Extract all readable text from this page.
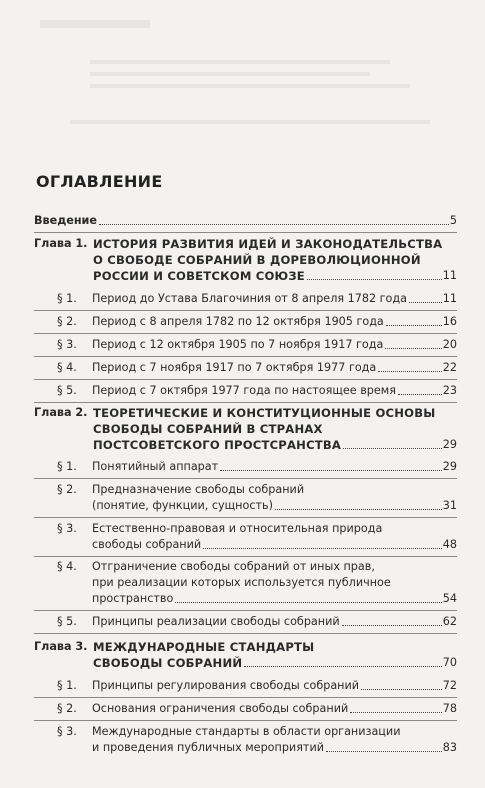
ОГЛАВЛЕНИЕ
Введение	5
Глава 1. ИСТОРИЯ РАЗВИТИЯ ИДЕЙ И ЗАКОНОДАТЕЛЬСТВА
О СВОБОДЕ СОБРАНИЙ В ДОРЕВОЛЮЦИОННОЙ
РОССИИ И СОВЕТСКОМ СОЮЗЕ	11
§ 1. Период до Устава Благочиния от 8 апреля 1782 года	11
§ 2. Период с 8 апреля 1782 по 12 октября 1905 года	16
§ 3. Период с 12 октября 1905 по 7 ноября 1917 года	20
§ 4. Период с 7 ноября 1917 по 7 октября 1977 года	22
§ 5. Период с 7 октября 1977 года по настоящее время	23
Глава 2. ТЕОРЕТИЧЕСКИЕ И КОНСТИТУЦИОННЫЕ ОСНОВЫ
СВОБОДЫ СОБРАНИЙ В СТРАНАХ
ПОСТСОВЕТСКОГО ПРОСТСРАНСТВА	29
§ 1. Понятийный аппарат	29
§ 2. Предназначение свободы собраний
(понятие, функции, сущность)	31
§ 3. Естественно-правовая и относительная природа
свободы собраний	48
§ 4. Отграничение свободы собраний от иных прав,
при реализации которых используется публичное
пространство	54
§ 5. Принципы реализации свободы собраний	62
Глава 3. МЕЖДУНАРОДНЫЕ СТАНДАРТЫ
СВОБОДЫ СОБРАНИЙ	70
§ 1. Принципы регулирования свободы собраний	72
§ 2. Основания ограничения свободы собраний	78
§ 3. Международные стандарты в области организации
и проведения публичных мероприятий	83
